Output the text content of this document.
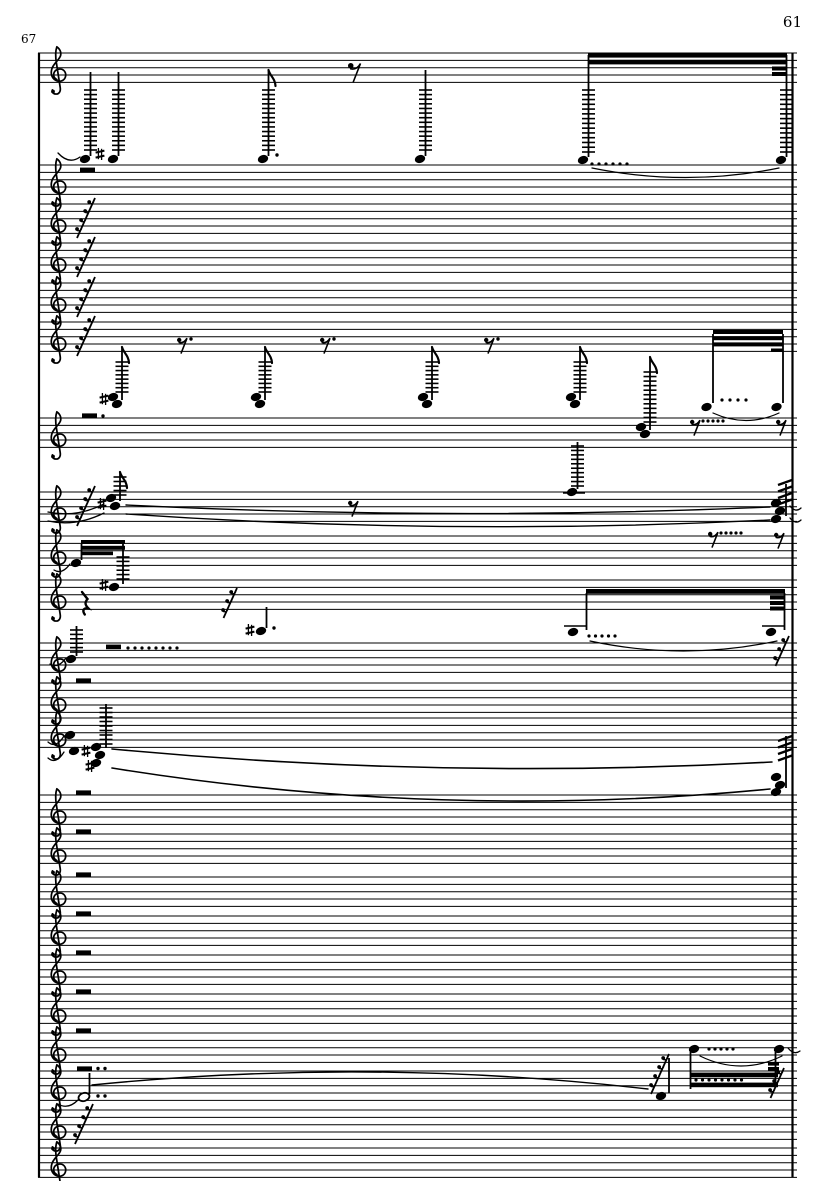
61
67
